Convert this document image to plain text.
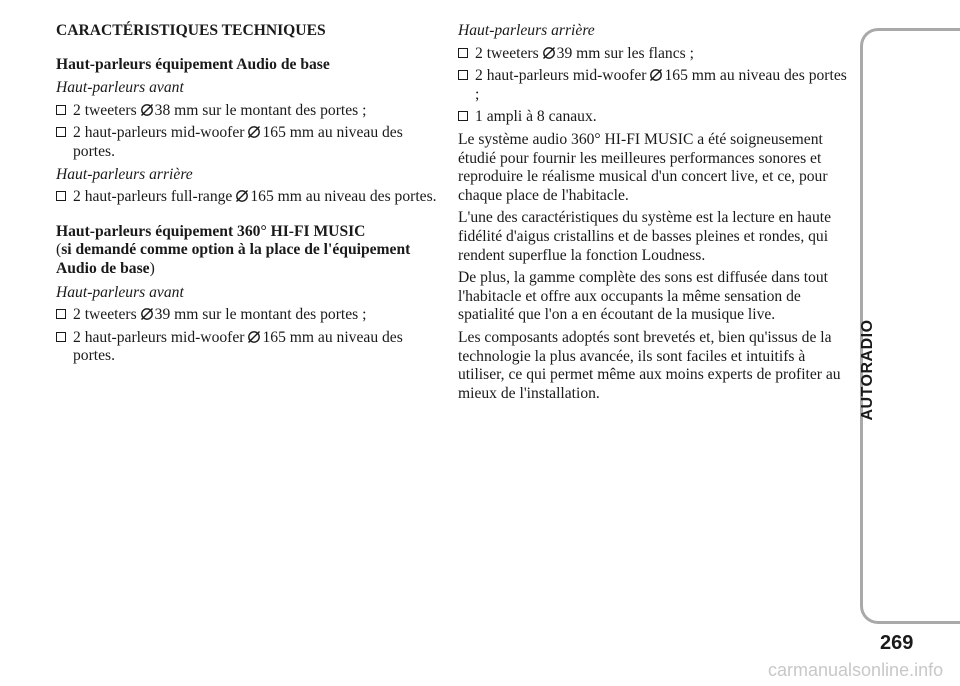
CARACTÉRISTIQUES TECHNIQUES
Haut-parleurs équipement Audio de base
Haut-parleurs avant
2 tweeters 38 mm sur le montant des portes ;
2 haut-parleurs mid-woofer 165 mm au niveau des portes.
Haut-parleurs arrière
2 haut-parleurs full-range 165 mm au niveau des portes.
Haut-parleurs équipement 360° HI-FI MUSIC
(si demandé comme option à la place de l'équipement Audio de base)
Haut-parleurs avant
2 tweeters 39 mm sur le montant des portes ;
2 haut-parleurs mid-woofer 165 mm au niveau des portes.
Haut-parleurs arrière
2 tweeters 39 mm sur les flancs ;
2 haut-parleurs mid-woofer 165 mm au niveau des portes ;
1 ampli à 8 canaux.
Le système audio 360° HI-FI MUSIC a été soigneusement étudié pour fournir les meilleures performances sonores et reproduire le réalisme musical d'un concert live, et ce, pour chaque place de l'habitacle.
L'une des caractéristiques du système est la lecture en haute fidélité d'aigus cristallins et de basses pleines et rondes, qui rendent superflue la fonction Loudness.
De plus, la gamme complète des sons est diffusée dans tout l'habitacle et offre aux occupants la même sensation de spatialité que l'on a en écoutant de la musique live.
Les composants adoptés sont brevetés et, bien qu'issus de la technologie la plus avancée, ils sont faciles et intuitifs à utiliser, ce qui permet même aux moins experts de profiter au mieux de l'installation.	AUTORADIO
269
carmanualsonline.info
